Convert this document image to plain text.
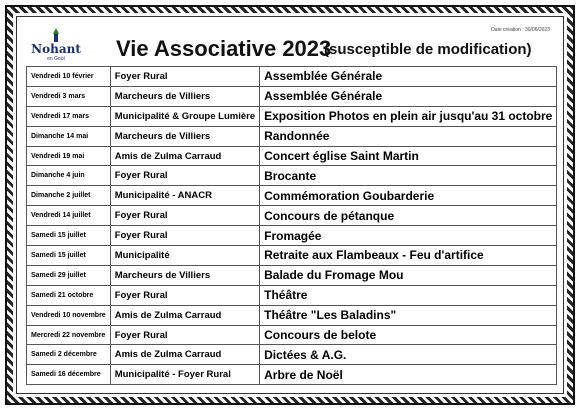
Nohant
en Goüt	Vie Associative 2023
(susceptible de modification)
Date création : 30/06/2023
Vendredi 10 février	Foyer Rural	Assemblée Générale
Vendredi 3 mars	Marcheurs de Villiers	Assemblée Générale
Vendredi 17 mars	Municipalité & Groupe Lumière	Exposition Photos en plein air jusqu'au 31 octobre
Dimanche 14 mai	Marcheurs de Villiers	Randonnée
Vendredi 19 mai	Amis de Zulma Carraud	Concert église Saint Martin
Dimanche 4 juin	Foyer Rural	Brocante
Dimanche 2 juillet	Municipalité - ANACR	Commémoration Goubarderie
Vendredi 14 juillet	Foyer Rural	Concours de pétanque
Samedi 15 juillet	Foyer Rural	Fromagée
Samedi 15 juillet	Municipalité	Retraite aux Flambeaux - Feu d'artifice
Samedi 29 juillet	Marcheurs de Villiers	Balade du Fromage Mou
Samedi 21 octobre	Foyer Rural	Théâtre
Vendredi 10 novembre	Amis de Zulma Carraud	Théâtre "Les Baladins"
Mercredi 22 novembre	Foyer Rural	Concours de belote
Samedi 2 décembre	Amis de Zulma Carraud	Dictées & A.G.
Samedi 16 décembre	Municipalité - Foyer Rural	Arbre de Noël
